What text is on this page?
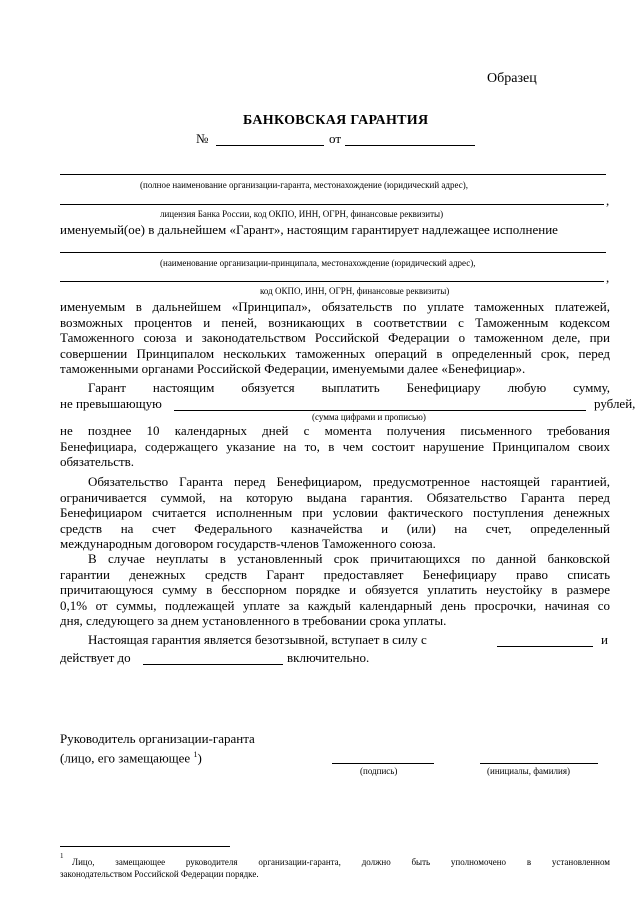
Образец
БАНКОВСКАЯ ГАРАНТИЯ
№	от
(полное наименование организации-гаранта, местонахождение (юридический адрес),
,
лицензия Банка России, код ОКПО, ИНН, ОГРН, финансовые реквизиты)
именуемый(ое) в дальнейшем «Гарант», настоящим гарантирует надлежащее исполнение
(наименование организации-принципала, местонахождение (юридический адрес),
,
код ОКПО, ИНН, ОГРН, финансовые реквизиты)
именуемым в дальнейшем «Принципал», обязательств по уплате таможенных платежей,
возможных процентов и пеней, возникающих в соответствии с Таможенным кодексом
Таможенного союза и законодательством Российской Федерации о таможенном деле, при
совершении Принципалом нескольких таможенных операций в определенный срок, перед
таможенными органами Российской Федерации, именуемыми далее «Бенефициар».
Гарант настоящим обязуется выплатить Бенефициару любую сумму,
не превышающую	рублей,
(сумма цифрами и прописью)
не позднее 10 календарных дней с момента получения письменного требования
Бенефициара, содержащего указание на то, в чем состоит нарушение Принципалом своих
обязательств.
Обязательство Гаранта перед Бенефициаром, предусмотренное настоящей гарантией,
ограничивается суммой, на которую выдана гарантия. Обязательство Гаранта перед
Бенефициаром считается исполненным при условии фактического поступления денежных
средств на счет Федерального казначейства и (или) на счет, определенный
международным договором государств-членов Таможенного союза.
В случае неуплаты в установленный срок причитающихся по данной банковской
гарантии денежных средств Гарант предоставляет Бенефициару право списать
причитающуюся сумму в бесспорном порядке и обязуется уплатить неустойку в размере
0,1% от суммы, подлежащей уплате за каждый календарный день просрочки, начиная со
дня, следующего за днем установленного в требовании срока уплаты.
Настоящая гарантия является безотзывной, вступает в силу с	и
действует до	включительно.
Руководитель организации-гаранта
(лицо, его замещающее $^1$)
(подпись)	(инициалы, фамилия)
1
Лицо, замещающее руководителя организации-гаранта, должно быть уполномочено в установленном
законодательством Российской Федерации порядке.
